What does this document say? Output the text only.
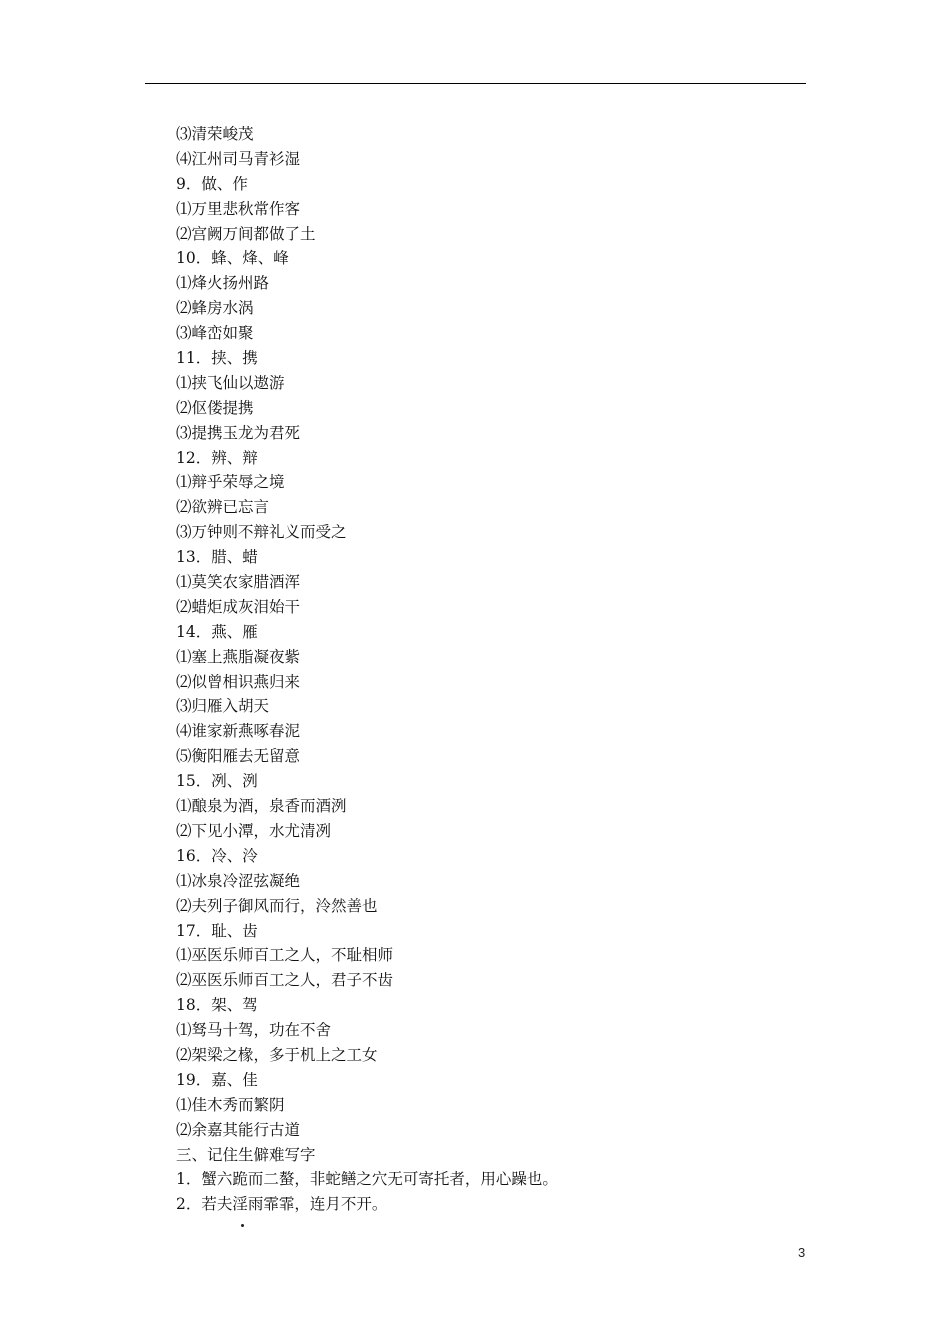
⑶清荣峻茂
⑷江州司马青衫湿
9．做、作
⑴万里悲秋常作客
⑵宫阙万间都做了土
10．蜂、烽、峰
⑴烽火扬州路
⑵蜂房水涡
⑶峰峦如聚
11．挟、携
⑴挟飞仙以遨游
⑵伛偻提携
⑶提携玉龙为君死
12．辨、辩
⑴辩乎荣辱之境
⑵欲辨已忘言
⑶万钟则不辩礼义而受之
13．腊、蜡
⑴莫笑农家腊酒浑
⑵蜡炬成灰泪始干
14．燕、雁
⑴塞上燕脂凝夜紫
⑵似曾相识燕归来
⑶归雁入胡天
⑷谁家新燕啄春泥
⑸衡阳雁去无留意
15．冽、洌
⑴酿泉为酒，泉香而酒洌
⑵下见小潭，水尤清冽
16．冷、泠
⑴冰泉冷涩弦凝绝
⑵夫列子御风而行，泠然善也
17．耻、齿
⑴巫医乐师百工之人，不耻相师
⑵巫医乐师百工之人，君子不齿
18．架、驾
⑴驽马十驾，功在不舍
⑵架梁之椽，多于机上之工女
19．嘉、佳
⑴佳木秀而繁阴
⑵余嘉其能行古道
三、记住生僻难写字
1．蟹六跪而二螯，非蛇鳝之穴无可寄托者，用心躁也。
2．若夫淫雨霏霏，连月不开。
3
